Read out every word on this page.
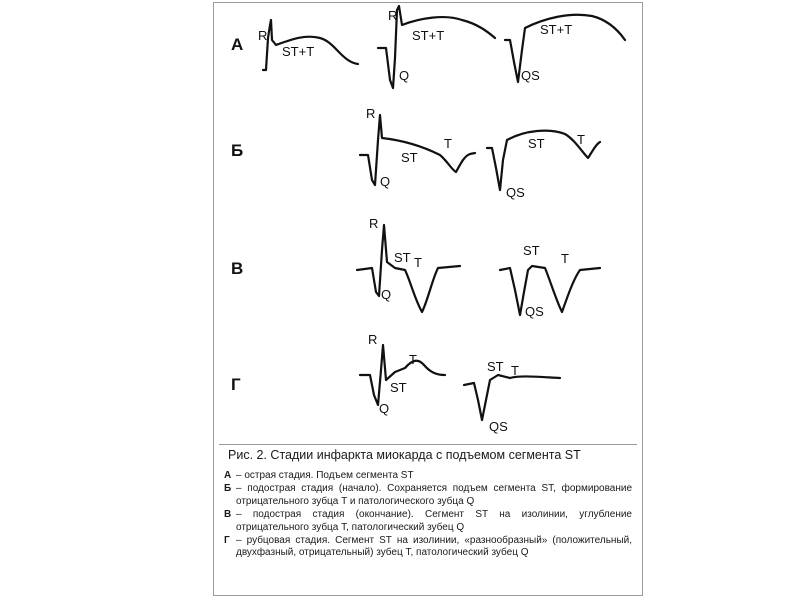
А
Б
В
Г
R
ST+T
R
Q
ST+T
QS
ST+T
R
Q
ST
T
QS
ST T
R
Q
ST T
ST
T
QS
R
Q
ST
T	ST T
QS
Рис. 2. Стадии инфаркта миокарда с подъемом сегмента ST
А – острая стадия. Подъем сегмента ST
Б – подострая стадия (начало). Сохраняется подъем сегмента ST, формирование отрицательного зубца T и патологического зубца Q
В – подострая стадия (окончание). Сегмент ST на изолинии, углубление отрицательного зубца T, патологический зубец Q
Г – рубцовая стадия. Сегмент ST на изолинии, «разнообразный» (положительный, двухфазный, отрицательный) зубец T, патологический зубец Q
